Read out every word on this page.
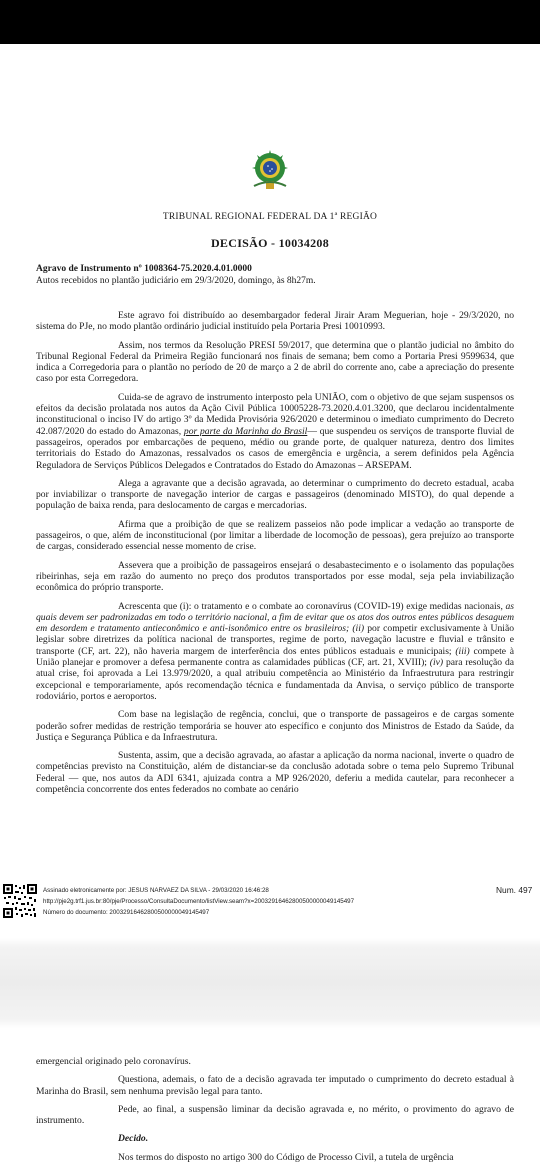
TRIBUNAL REGIONAL FEDERAL DA 1ª REGIÃO
DECISÃO - 10034208
Agravo de Instrumento nº 1008364-75.2020.4.01.0000
Autos recebidos no plantão judiciário em 29/3/2020, domingo, às 8h27m.

Este agravo foi distribuído ao desembargador federal Jirair Aram Meguerian, hoje - 29/3/2020, no sistema do PJe, no modo plantão ordinário judicial instituído pela Portaria Presi 10010993.

Assim, nos termos da Resolução PRESI 59/2017, que determina que o plantão judicial no âmbito do Tribunal Regional Federal da Primeira Região funcionará nos finais de semana; bem como a Portaria Presi 9599634, que indica a Corregedoria para o plantão no período de 20 de março a 2 de abril do corrente ano, cabe a apreciação do presente caso por esta Corregedora.

Cuida-se de agravo de instrumento interposto pela UNIÃO, com o objetivo de que sejam suspensos os efeitos da decisão prolatada nos autos da Ação Civil Pública 10005228-73.2020.4.01.3200, que declarou incidentalmente inconstitucional o inciso IV do artigo 3º da Medida Provisória 926/2020 e determinou o imediato cumprimento do Decreto 42.087/2020 do estado do Amazonas, por parte da Marinha do Brasil— que suspendeu os serviços de transporte fluvial de passageiros, operados por embarcações de pequeno, médio ou grande porte, de qualquer natureza, dentro dos limites territoriais do Estado do Amazonas, ressalvados os casos de emergência e urgência, a serem definidos pela Agência Reguladora de Serviços Públicos Delegados e Contratados do Estado do Amazonas – ARSEPAM.

Alega a agravante que a decisão agravada, ao determinar o cumprimento do decreto estadual, acaba por inviabilizar o transporte de navegação interior de cargas e passageiros (denominado MISTO), do qual depende a população de baixa renda, para deslocamento de cargas e mercadorias.

Afirma que a proibição de que se realizem passeios não pode implicar a vedação ao transporte de passageiros, o que, além de inconstitucional (por limitar a liberdade de locomoção de pessoas), gera prejuízo ao transporte de cargas, considerado essencial nesse momento de crise.

Assevera que a proibição de passageiros ensejará o desabastecimento e o isolamento das populações ribeirinhas, seja em razão do aumento no preço dos produtos transportados por esse modal, seja pela inviabilização econômica do próprio transporte.

Acrescenta que (i): o tratamento e o combate ao coronavírus (COVID-19) exige medidas nacionais, as quais devem ser padronizadas em todo o território nacional, a fim de evitar que os atos dos outros entes públicos desaguem em desordem e tratamento antieconômico e anti-isonômico entre os brasileiros; (ii) por competir exclusivamente à União legislar sobre diretrizes da política nacional de transportes, regime de porto, navegação lacustre e fluvial e trânsito e transporte (CF, art. 22), não haveria margem de interferência dos entes públicos estaduais e municipais; (iii) compete à União planejar e promover a defesa permanente contra as calamidades públicas (CF, art. 21, XVIII); (iv) para resolução da atual crise, foi aprovada a Lei 13.979/2020, a qual atribuiu competência ao Ministério da Infraestrutura para restringir excepcional e temporariamente, após recomendação técnica e fundamentada da Anvisa, o serviço público de transporte rodoviário, portos e aeroportos.

Com base na legislação de regência, conclui, que o transporte de passageiros e de cargas somente poderão sofrer medidas de restrição temporária se houver ato específico e conjunto dos Ministros de Estado da Saúde, da Justiça e Segurança Pública e da Infraestrutura.

Sustenta, assim, que a decisão agravada, ao afastar a aplicação da norma nacional, inverte o quadro de competências previsto na Constituição, além de distanciar-se da conclusão adotada sobre o tema pelo Supremo Tribunal Federal — que, nos autos da ADI 6341, ajuizada contra a MP 926/2020, deferiu a medida cautelar, para reconhecer a competência concorrente dos entes federados no combate ao cenário

Assinado eletronicamente por: JESUS NARVAEZ DA SILVA - 29/03/2020 16:46:28
http://pje2g.trf1.jus.br:80/pje/Processo/ConsultaDocumento/listView.seam?x=20032916462800500000049145497
Número do documento: 20032916462800500000049145497
Num. 497

emergencial originado pelo coronavírus.

Questiona, ademais, o fato de a decisão agravada ter imputado o cumprimento do decreto estadual à Marinha do Brasil, sem nenhuma previsão legal para tanto.

Pede, ao final, a suspensão liminar da decisão agravada e, no mérito, o provimento do agravo de instrumento.

Decido.

Nos termos do disposto no artigo 300 do Código de Processo Civil, a tutela de urgência
